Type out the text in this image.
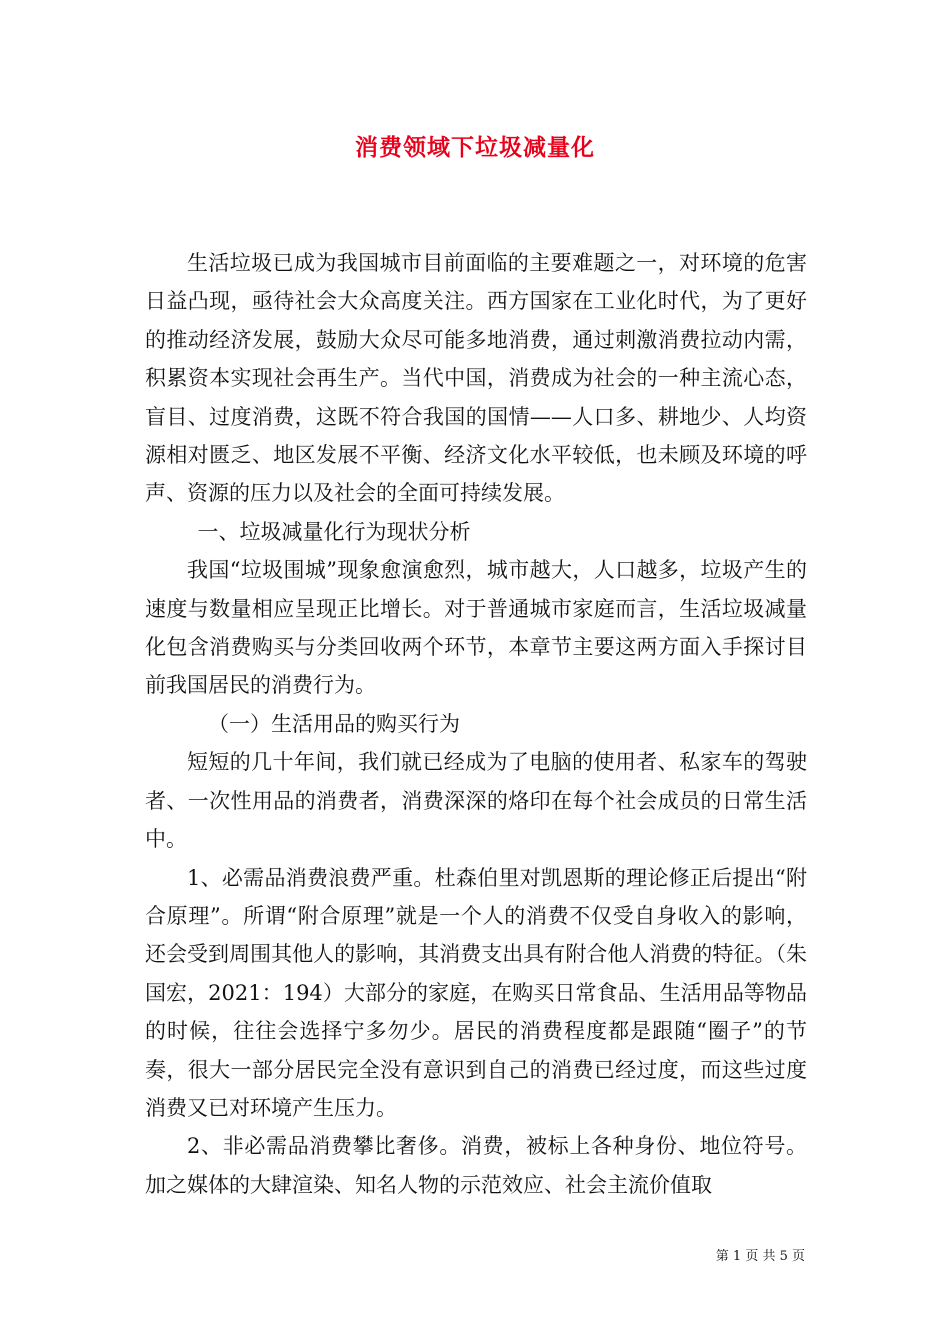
消费领域下垃圾减量化

生活垃圾已成为我国城市目前面临的主要难题之一，对环境的危害日益凸现，亟待社会大众高度关注。西方国家在工业化时代，为了更好的推动经济发展，鼓励大众尽可能多地消费，通过刺激消费拉动内需，积累资本实现社会再生产。当代中国，消费成为社会的一种主流心态，盲目、过度消费，这既不符合我国的国情——人口多、耕地少、人均资源相对匮乏、地区发展不平衡、经济文化水平较低，也未顾及环境的呼声、资源的压力以及社会的全面可持续发展。

一、垃圾减量化行为现状分析

我国“垃圾围城”现象愈演愈烈，城市越大，人口越多，垃圾产生的速度与数量相应呈现正比增长。对于普通城市家庭而言，生活垃圾减量化包含消费购买与分类回收两个环节，本章节主要这两方面入手探讨目前我国居民的消费行为。

（一）生活用品的购买行为

短短的几十年间，我们就已经成为了电脑的使用者、私家车的驾驶者、一次性用品的消费者，消费深深的烙印在每个社会成员的日常生活中。

1、必需品消费浪费严重。杜森伯里对凯恩斯的理论修正后提出“附合原理”。所谓“附合原理”就是一个人的消费不仅受自身收入的影响，还会受到周围其他人的影响，其消费支出具有附合他人消费的特征。（朱国宏，2021：194）大部分的家庭，在购买日常食品、生活用品等物品的时候，往往会选择宁多勿少。居民的消费程度都是跟随“圈子”的节奏，很大一部分居民完全没有意识到自己的消费已经过度，而这些过度消费又已对环境产生压力。

2、非必需品消费攀比奢侈。消费，被标上各种身份、地位符号。加之媒体的大肆渲染、知名人物的示范效应、社会主流价值取

第 1 页 共 5 页
